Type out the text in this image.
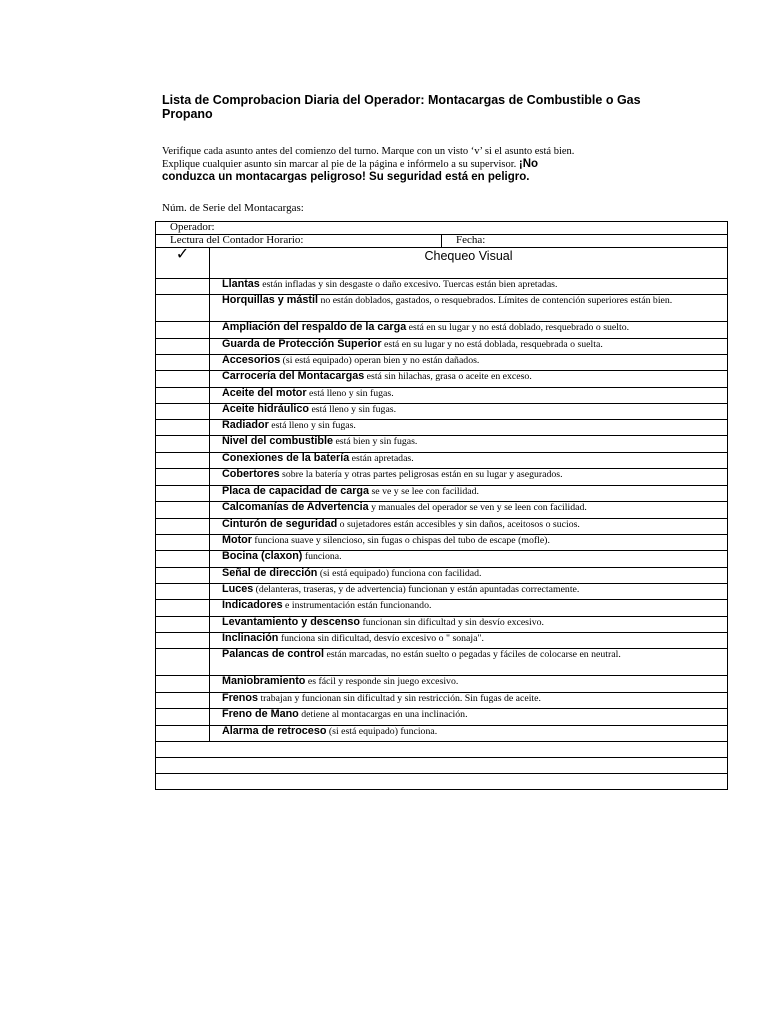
Lista de Comprobacion Diaria del Operador: Montacargas de Combustible o Gas Propano
Verifique cada asunto antes del comienzo del turno. Marque con un visto ‘v’ si el asunto está bien. Explique cualquier asunto sin marcar al pie de la página e infórmelo a su supervisor. ¡No conduzca un montacargas peligroso! Su seguridad está en peligro.
Núm. de Serie del Montacargas:
Operador:		
Lectura del Contador Horario:		Fecha:

✓	Chequeo Visual	

	Llantas están infladas y sin desgaste o daño excesivo. Tuercas están bien apretadas.	
	Horquillas y mástil no están doblados, gastados, o resquebrados. Límites de contención superiores están bien.	
	Ampliación del respaldo de la carga está en su lugar y no está doblado, resquebrado o suelto.	
	Guarda de Protección Superior está en su lugar y no está doblada, resquebrada o suelta.	
	Accesorios (si está equipado) operan bien y no están dañados.	
	Carrocería del Montacargas está sin hilachas, grasa o aceite en exceso.	
	Aceite del motor está lleno y sin fugas.	
	Aceite hidráulico está lleno y sin fugas.	
	Radiador está lleno y sin fugas.	
	Nivel del combustible está bien y sin fugas.	
	Conexiones de la batería están apretadas.	
	Cobertores sobre la batería y otras partes peligrosas están en su lugar y asegurados.	
	Placa de capacidad de carga se ve y se lee con facilidad.	
	Calcomanías de Advertencia y manuales del operador se ven y se leen con facilidad.	
	Cinturón de seguridad o sujetadores están accesibles y sin daños, aceitosos o sucios.	
	Motor funciona suave y silencioso, sin fugas o chispas del tubo de escape (mofle).	
	Bocina (claxon) funciona.	
	Señal de dirección (si está equipado) funciona con facilidad.	
	Luces (delanteras, traseras, y de advertencia) funcionan y están apuntadas correctamente.	
	Indicadores e instrumentación están funcionando.	
	Levantamiento y descenso funcionan sin dificultad y sin desvío excesivo.	
	Inclinación funciona sin dificultad, desvío excesivo o " sonaja".	
	Palancas de control están marcadas, no están suelto o pegadas y fáciles de colocarse en neutral.	
	Maniobramiento es fácil y responde sin juego excesivo.	
	Frenos trabajan y funcionan sin dificultad y sin restricción. Sin fugas de aceite.	
	Freno de Mano detiene al montacargas en una inclinación.	
	Alarma de retroceso (si está equipado) funciona.	
